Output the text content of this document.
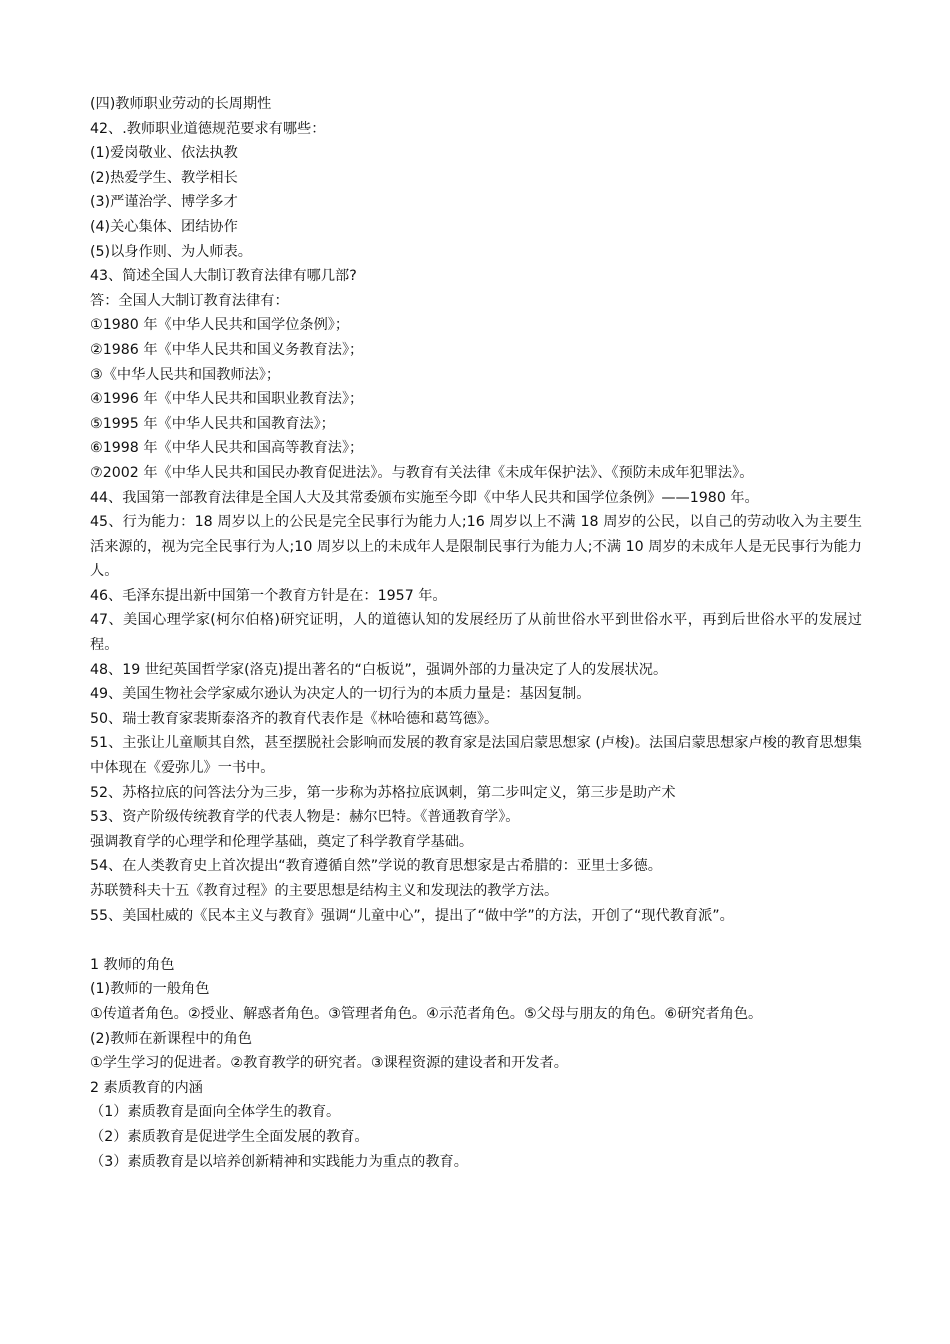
(四)教师职业劳动的长周期性

42、.教师职业道德规范要求有哪些：

(1)爱岗敬业、依法执教

(2)热爱学生、教学相长

(3)严谨治学、博学多才

(4)关心集体、团结协作

(5)以身作则、为人师表。

43、简述全国人大制订教育法律有哪几部?

答：全国人大制订教育法律有：

①1980 年《中华人民共和国学位条例》；

②1986 年《中华人民共和国义务教育法》；

③《中华人民共和国教师法》；

④1996 年《中华人民共和国职业教育法》；

⑤1995 年《中华人民共和国教育法》；

⑥1998 年《中华人民共和国高等教育法》；

⑦2002 年《中华人民共和国民办教育促进法》。与教育有关法律《未成年保护法》、《预防未成年犯罪法》。

44、我国第一部教育法律是全国人大及其常委颁布实施至今即《中华人民共和国学位条例》——1980 年。

45、行为能力：18 周岁以上的公民是完全民事行为能力人;16 周岁以上不满 18 周岁的公民，以自己的劳动收入为主要生活来源的，视为完全民事行为人;10 周岁以上的未成年人是限制民事行为能力人;不满 10 周岁的未成年人是无民事行为能力人。

46、毛泽东提出新中国第一个教育方针是在：1957 年。

47、美国心理学家(柯尔伯格)研究证明，人的道德认知的发展经历了从前世俗水平到世俗水平，再到后世俗水平的发展过程。

48、19 世纪英国哲学家(洛克)提出著名的“白板说”，强调外部的力量决定了人的发展状况。

49、美国生物社会学家威尔逊认为决定人的一切行为的本质力量是：基因复制。

50、瑞士教育家裴斯泰洛齐的教育代表作是《林哈德和葛笃德》。

51、主张让儿童顺其自然，甚至摆脱社会影响而发展的教育家是法国启蒙思想家 (卢梭)。法国启蒙思想家卢梭的教育思想集中体现在《爱弥儿》一书中。

52、苏格拉底的问答法分为三步，第一步称为苏格拉底讽刺，第二步叫定义，第三步是助产术

53、资产阶级传统教育学的代表人物是：赫尔巴特。《普通教育学》。

强调教育学的心理学和伦理学基础，奠定了科学教育学基础。

54、在人类教育史上首次提出“教育遵循自然”学说的教育思想家是古希腊的：亚里士多德。

苏联赞科夫十五《教育过程》的主要思想是结构主义和发现法的教学方法。

55、美国杜威的《民本主义与教育》强调“儿童中心”，提出了“做中学”的方法，开创了“现代教育派”。

1 教师的角色

(1)教师的一般角色

①传道者角色。②授业、解惑者角色。③管理者角色。④示范者角色。⑤父母与朋友的角色。⑥研究者角色。

(2)教师在新课程中的角色

①学生学习的促进者。②教育教学的研究者。③课程资源的建设者和开发者。

2 素质教育的内涵

（1）素质教育是面向全体学生的教育。

（2）素质教育是促进学生全面发展的教育。

（3）素质教育是以培养创新精神和实践能力为重点的教育。
